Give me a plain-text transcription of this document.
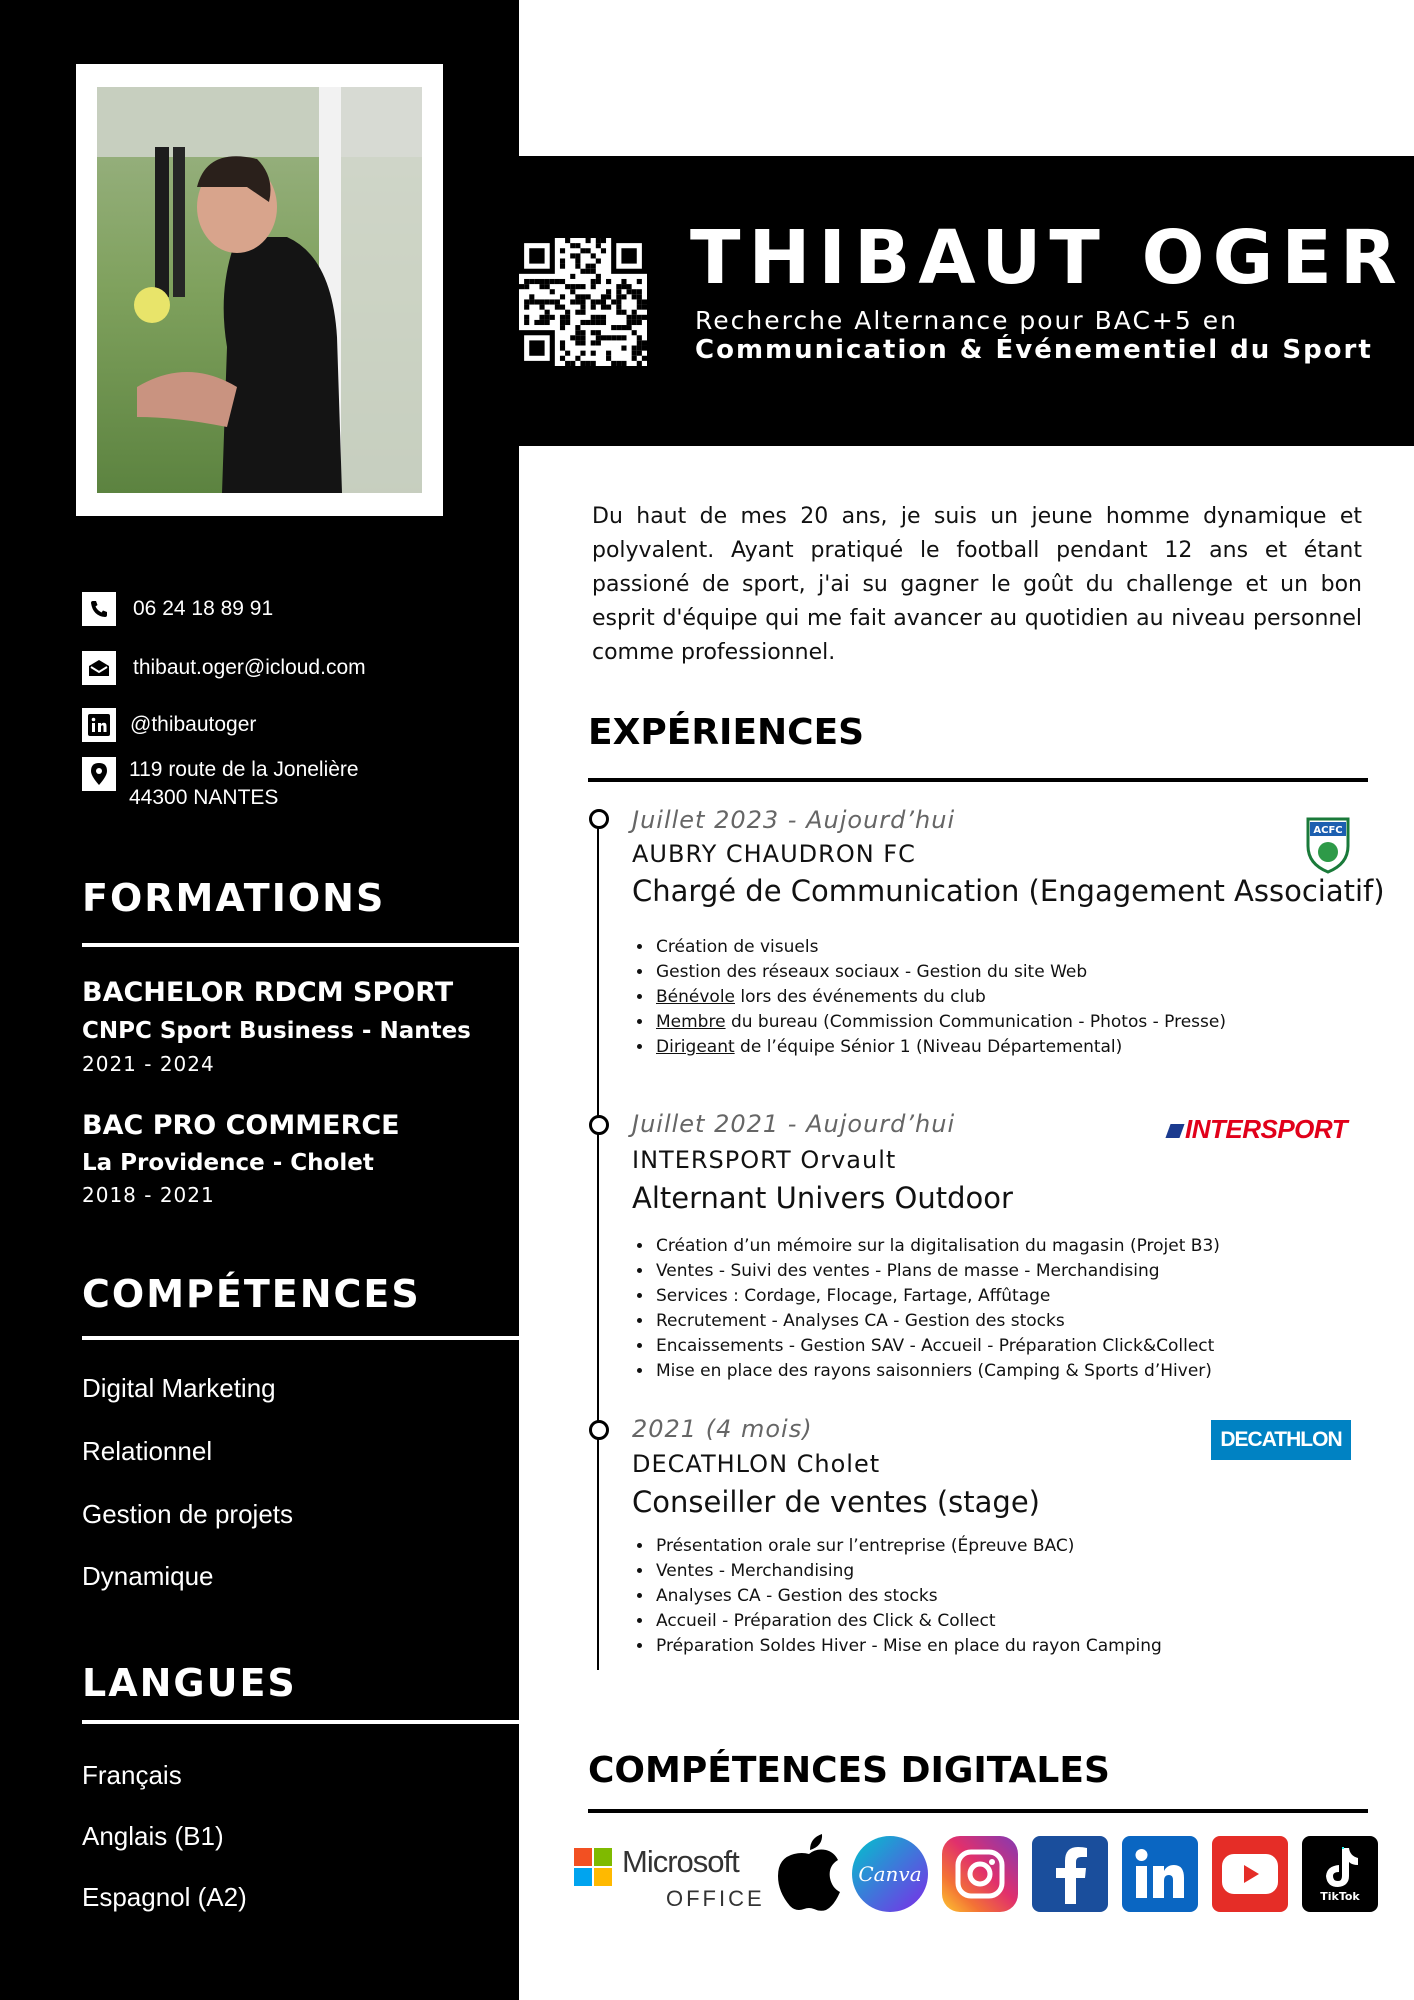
06 24 18 89 91
thibaut.oger@icloud.com
@thibautoger
119 route de la Jonelière
44300 NANTES
FORMATIONS
BACHELOR RDCM SPORT
CNPC Sport Business - Nantes
2021 - 2024
BAC PRO COMMERCE
La Providence - Cholet
2018 - 2021
COMPÉTENCES
Digital Marketing
Relationnel
Gestion de projets
Dynamique
LANGUES
Français
Anglais (B1)
Espagnol (A2)
THIBAUT OGER
Recherche Alternance pour BAC+5 en
Communication & Événementiel du Sport
Du haut de mes 20 ans, je suis un jeune homme dynamique et polyvalent. Ayant pratiqué le football pendant 12 ans et étant passioné de sport, j'ai su gagner le goût du challenge et un bon esprit d'équipe qui me fait avancer au quotidien au niveau personnel comme professionnel.
EXPÉRIENCES
Juillet 2023 - Aujourd’hui
AUBRY CHAUDRON FC
Chargé de Communication (Engagement Associatif)
ACFC
• Création de visuels
• Gestion des réseaux sociaux - Gestion du site Web
• Bénévole lors des événements du club
• Membre du bureau (Commission Communication - Photos - Presse)
• Dirigeant de l’équipe Sénior 1 (Niveau Départemental)
Juillet 2021 - Aujourd’hui
INTERSPORT Orvault
Alternant Univers Outdoor
INTERSPORT
• Création d’un mémoire sur la digitalisation du magasin (Projet B3)
• Ventes - Suivi des ventes - Plans de masse - Merchandising
• Services : Cordage, Flocage, Fartage, Affûtage
• Recrutement - Analyses CA - Gestion des stocks
• Encaissements - Gestion SAV - Accueil - Préparation Click&Collect
• Mise en place des rayons saisonniers (Camping & Sports d’Hiver)
2021 (4 mois)
DECATHLON Cholet
Conseiller de ventes (stage)
DECATHLON
• Présentation orale sur l’entreprise (Épreuve BAC)
• Ventes - Merchandising
• Analyses CA - Gestion des stocks
• Accueil - Préparation des Click & Collect
• Préparation Soldes Hiver - Mise en place du rayon Camping
COMPÉTENCES DIGITALES
Microsoft
OFFICE
Canva
TikTok
